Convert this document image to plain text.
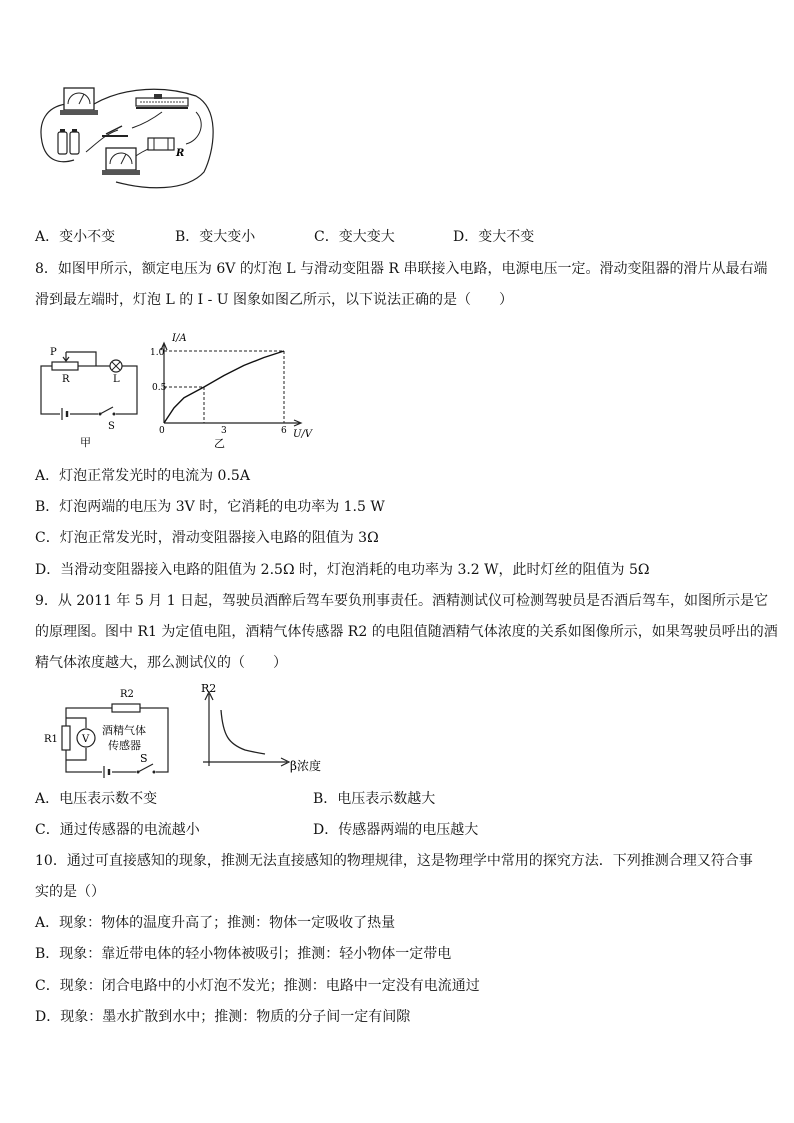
R
A．变小不变	B．变大变小	C．变大变大	D．变大不变
8．如图甲所示，额定电压为 6V 的灯泡 L 与滑动变阻器 R 串联接入电路，电源电压一定。滑动变阻器的滑片从最右端
滑到最左端时，灯泡 L 的 I - U 图象如图乙所示，以下说法正确的是（　　）
P
R	L
S
甲
I/A
U/V
1.0
0.5
0	3	6
乙
A．灯泡正常发光时的电流为 0.5A
B．灯泡两端的电压为 3V 时，它消耗的电功率为 1.5 W
C．灯泡正常发光时，滑动变阻器接入电路的阻值为 3Ω
D．当滑动变阻器接入电路的阻值为 2.5Ω 时，灯泡消耗的电功率为 3.2 W，此时灯丝的阻值为 5Ω
9．从 2011 年 5 月 1 日起，驾驶员酒醉后驾车要负刑事责任。酒精测试仪可检测驾驶员是否酒后驾车，如图所示是它
的原理图。图中 R1 为定值电阻，酒精气体传感器 R2 的电阻值随酒精气体浓度的关系如图像所示，如果驾驶员呼出的酒
精气体浓度越大，那么测试仪的（　　）
R2
R1 V
酒精气体
传感器
S
R2
β浓度
A．电压表示数不变	B．电压表示数越大
C．通过传感器的电流越小	D．传感器两端的电压越大
10．通过可直接感知的现象，推测无法直接感知的物理规律，这是物理学中常用的探究方法．下列推测合理又符合事
实的是（）
A．现象：物体的温度升高了；推测：物体一定吸收了热量
B．现象：靠近带电体的轻小物体被吸引；推测：轻小物体一定带电
C．现象：闭合电路中的小灯泡不发光；推测：电路中一定没有电流通过
D．现象：墨水扩散到水中；推测：物质的分子间一定有间隙
